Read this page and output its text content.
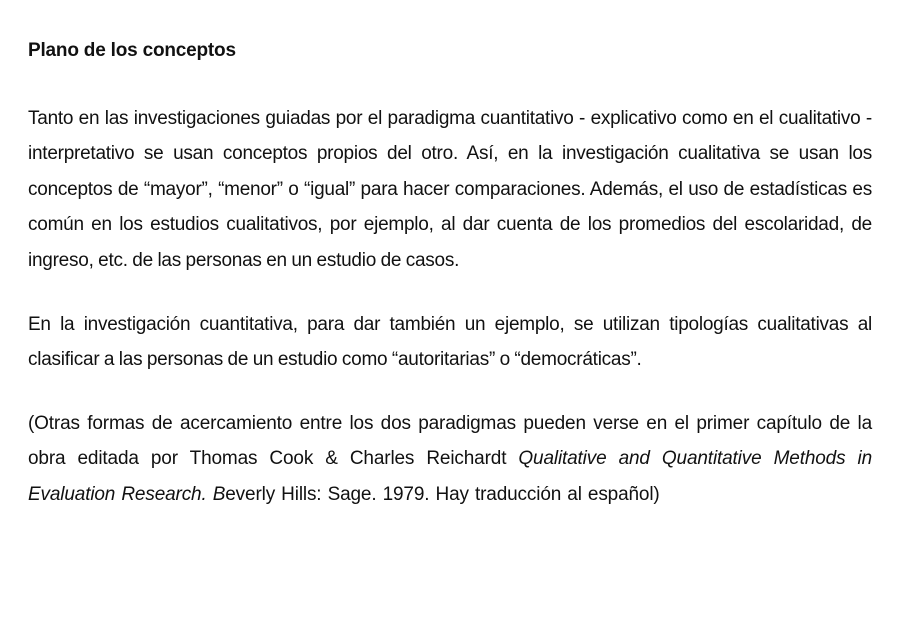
Plano de los conceptos

Tanto en las investigaciones guiadas por el paradigma cuantitativo - explicativo como en el cualitativo - interpretativo se usan conceptos propios del otro. Así, en la investigación cualitativa se usan los conceptos de “mayor”, “menor” o “igual” para hacer comparaciones. Además, el uso de estadísticas es común en los estudios cualitativos, por ejemplo, al dar cuenta de los promedios del escolaridad, de ingreso, etc. de las personas en un estudio de casos.

En la investigación cuantitativa, para dar también un ejemplo, se utilizan tipologías cualitativas al clasificar a las personas de un estudio como “autoritarias” o “democráticas”.

(Otras formas de acercamiento entre los dos paradigmas pueden verse en el primer capítulo de la obra editada por Thomas Cook & Charles Reichardt Qualitative and Quantitative Methods in Evaluation Research. Beverly Hills: Sage. 1979. Hay traducción al español)
